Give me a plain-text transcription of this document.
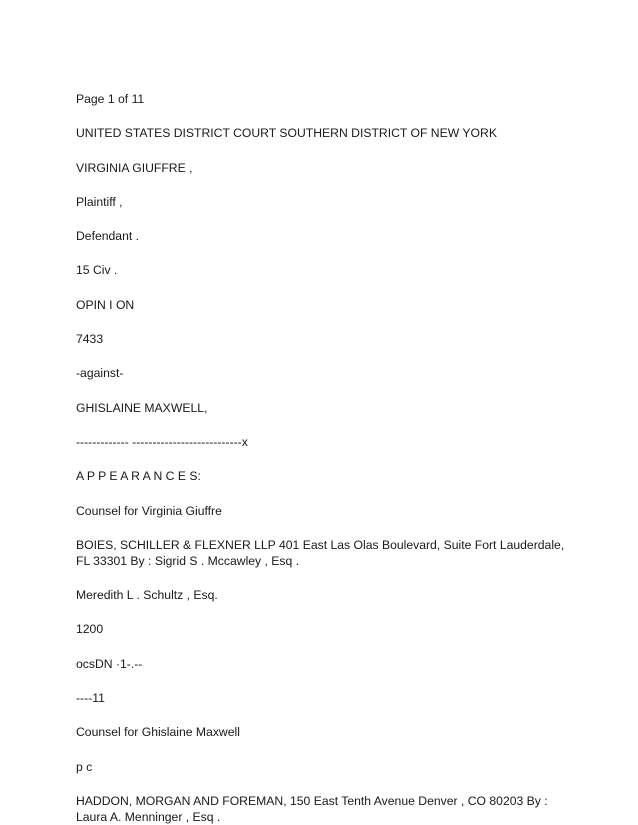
Page 1 of 11
UNITED STATES DISTRICT COURT SOUTHERN DISTRICT OF NEW YORK
VIRGINIA GIUFFRE ,
Plaintiff ,
Defendant .
15 Civ .
OPIN I ON
7433
-against-
GHISLAINE MAXWELL,
------------- ---------------------------x
A P P E A R A N C E S:
Counsel for Virginia Giuffre
BOIES, SCHILLER & FLEXNER LLP 401 East Las Olas Boulevard, Suite Fort Lauderdale, FL 33301 By : Sigrid S . Mccawley , Esq .
Meredith L . Schultz , Esq.
1200
ocsDN ·1-.--
----11
Counsel for Ghislaine Maxwell
p c
HADDON, MORGAN AND FOREMAN, 150 East Tenth Avenue Denver , CO 80203 By : Laura A. Menninger , Esq .
